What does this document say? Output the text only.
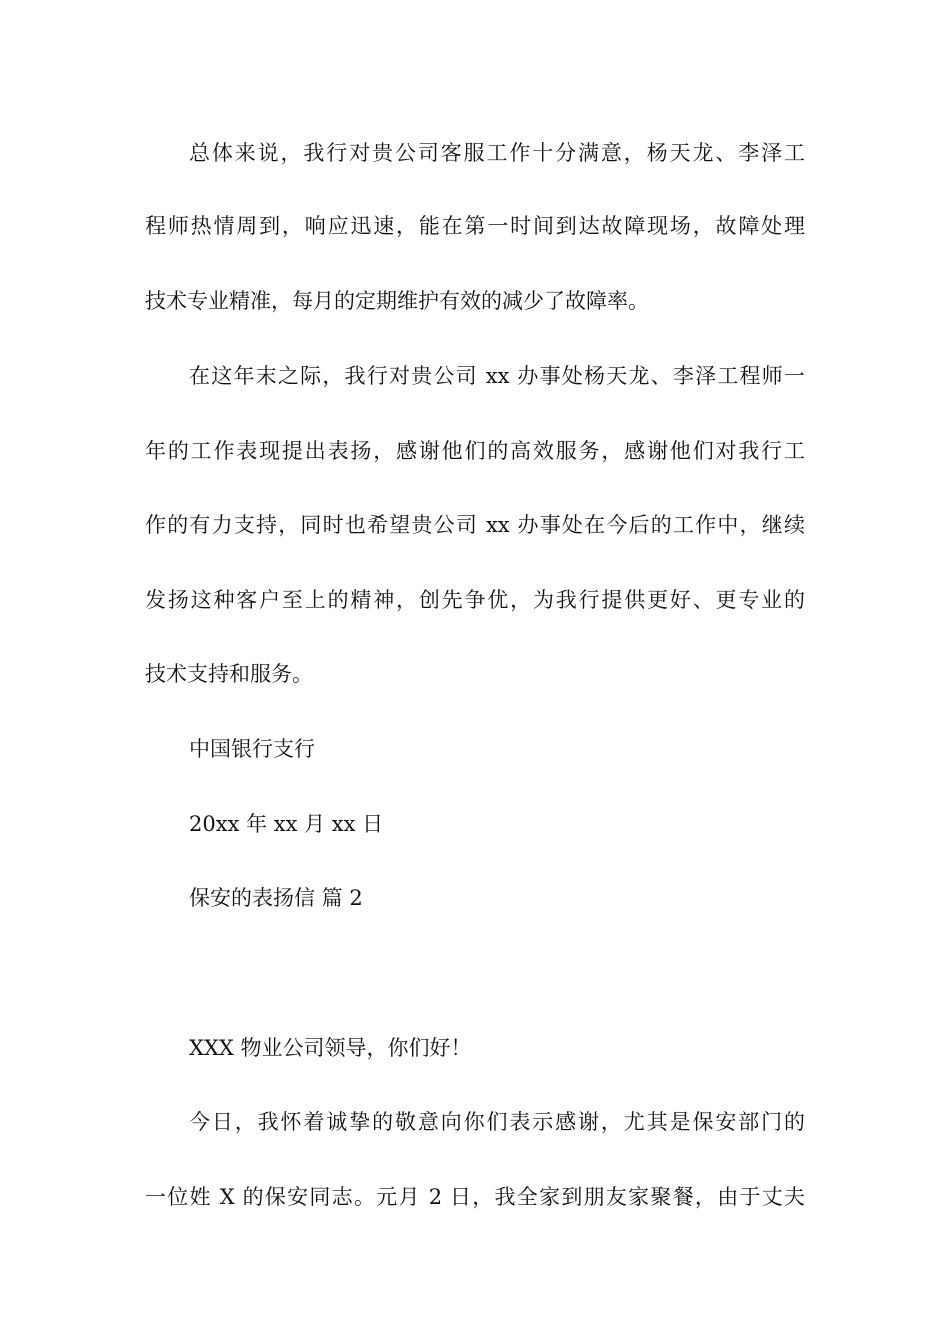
总体来说，我行对贵公司客服工作十分满意，杨天龙、李泽工
程师热情周到，响应迅速，能在第一时间到达故障现场，故障处理
技术专业精准，每月的定期维护有效的减少了故障率。
在这年末之际，我行对贵公司 xx 办事处杨天龙、李泽工程师一
年的工作表现提出表扬，感谢他们的高效服务，感谢他们对我行工
作的有力支持，同时也希望贵公司 xx 办事处在今后的工作中，继续
发扬这种客户至上的精神，创先争优，为我行提供更好、更专业的
技术支持和服务。
中国银行支行
20xx 年 xx 月 xx 日
保安的表扬信 篇 2
XXX 物业公司领导，你们好！
今日，我怀着诚挚的敬意向你们表示感谢，尤其是保安部门的
一位姓 X 的保安同志。元月 2 日，我全家到朋友家聚餐，由于丈夫
